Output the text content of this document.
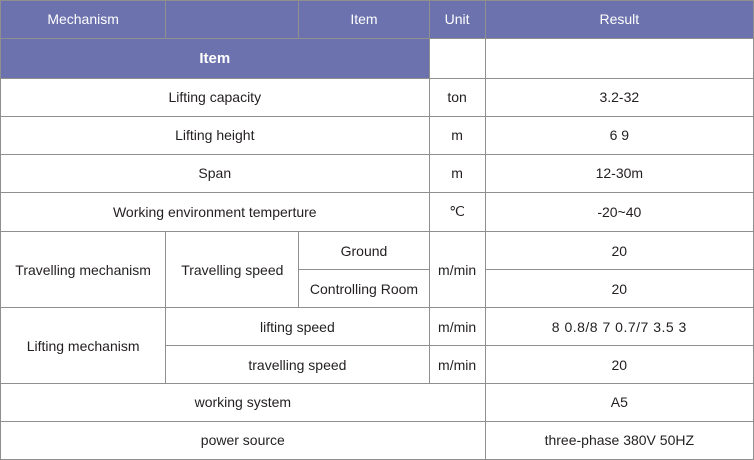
Mechanism		Item	Unit	Result
Item				
Lifting capacity			ton	3.2-32
Lifting height			m	6 9
Span			m	12-30m
Working environment temperture			℃	-20~40
Travelling mechanism	Travelling speed	Ground	m/min	20
		Controlling Room		20
Lifting mechanism	lifting speed		m/min	8 0.8/8 7 0.7/7 3.5 3
	travelling speed		m/min	20
working system				A5
power source				three-phase 380V 50HZ
